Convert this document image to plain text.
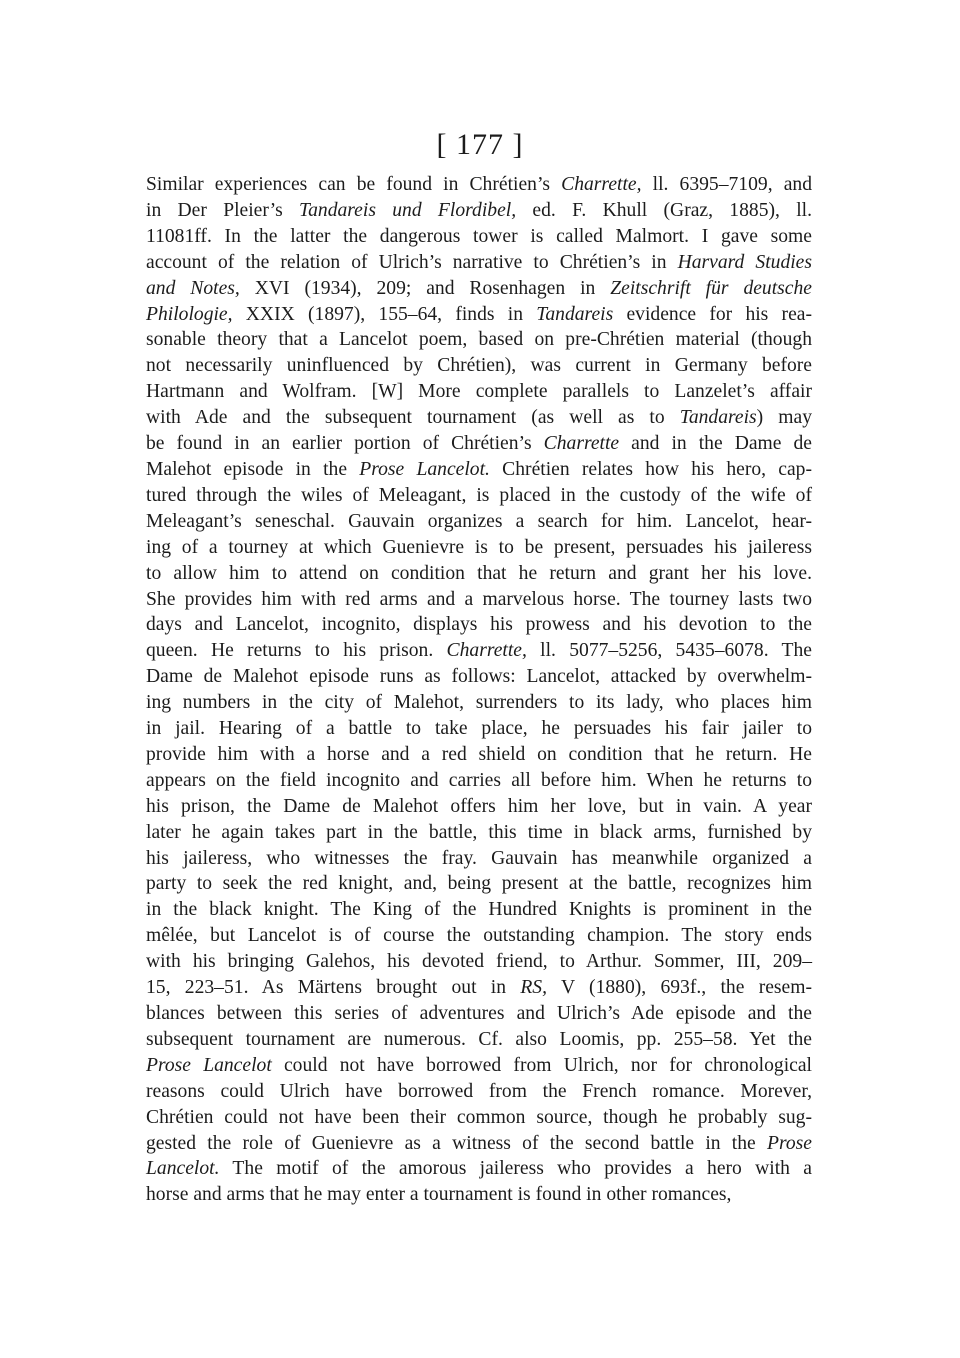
[ 177 ]
Similar experiences can be found in Chrétien’s Charrette, ll. 6395–7109, and
in Der Pleier’s Tandareis und Flordibel, ed. F. Khull (Graz, 1885), ll.
11081ff. In the latter the dangerous tower is called Malmort. I gave some
account of the relation of Ulrich’s narrative to Chrétien’s in Harvard Studies
and Notes, XVI (1934), 209; and Rosenhagen in Zeitschrift für deutsche
Philologie, XXIX (1897), 155–64, finds in Tandareis evidence for his rea-
sonable theory that a Lancelot poem, based on pre-Chrétien material (though
not necessarily uninfluenced by Chrétien), was current in Germany before
Hartmann and Wolfram. [W] More complete parallels to Lanzelet’s affair
with Ade and the subsequent tournament (as well as to Tandareis) may
be found in an earlier portion of Chrétien’s Charrette and in the Dame de
Malehot episode in the Prose Lancelot. Chrétien relates how his hero, cap-
tured through the wiles of Meleagant, is placed in the custody of the wife of
Meleagant’s seneschal. Gauvain organizes a search for him. Lancelot, hear-
ing of a tourney at which Guenievre is to be present, persuades his jaileress
to allow him to attend on condition that he return and grant her his love.
She provides him with red arms and a marvelous horse. The tourney lasts two
days and Lancelot, incognito, displays his prowess and his devotion to the
queen. He returns to his prison. Charrette, ll. 5077–5256, 5435–6078. The
Dame de Malehot episode runs as follows: Lancelot, attacked by overwhelm-
ing numbers in the city of Malehot, surrenders to its lady, who places him
in jail. Hearing of a battle to take place, he persuades his fair jailer to
provide him with a horse and a red shield on condition that he return. He
appears on the field incognito and carries all before him. When he returns to
his prison, the Dame de Malehot offers him her love, but in vain. A year
later he again takes part in the battle, this time in black arms, furnished by
his jaileress, who witnesses the fray. Gauvain has meanwhile organized a
party to seek the red knight, and, being present at the battle, recognizes him
in the black knight. The King of the Hundred Knights is prominent in the
mêlée, but Lancelot is of course the outstanding champion. The story ends
with his bringing Galehos, his devoted friend, to Arthur. Sommer, III, 209–
15, 223–51. As Märtens brought out in RS, V (1880), 693f., the resem-
blances between this series of adventures and Ulrich’s Ade episode and the
subsequent tournament are numerous. Cf. also Loomis, pp. 255–58. Yet the
Prose Lancelot could not have borrowed from Ulrich, nor for chronological
reasons could Ulrich have borrowed from the French romance. Morever,
Chrétien could not have been their common source, though he probably sug-
gested the role of Guenievre as a witness of the second battle in the Prose
Lancelot. The motif of the amorous jaileress who provides a hero with a
horse and arms that he may enter a tournament is found in other romances,
